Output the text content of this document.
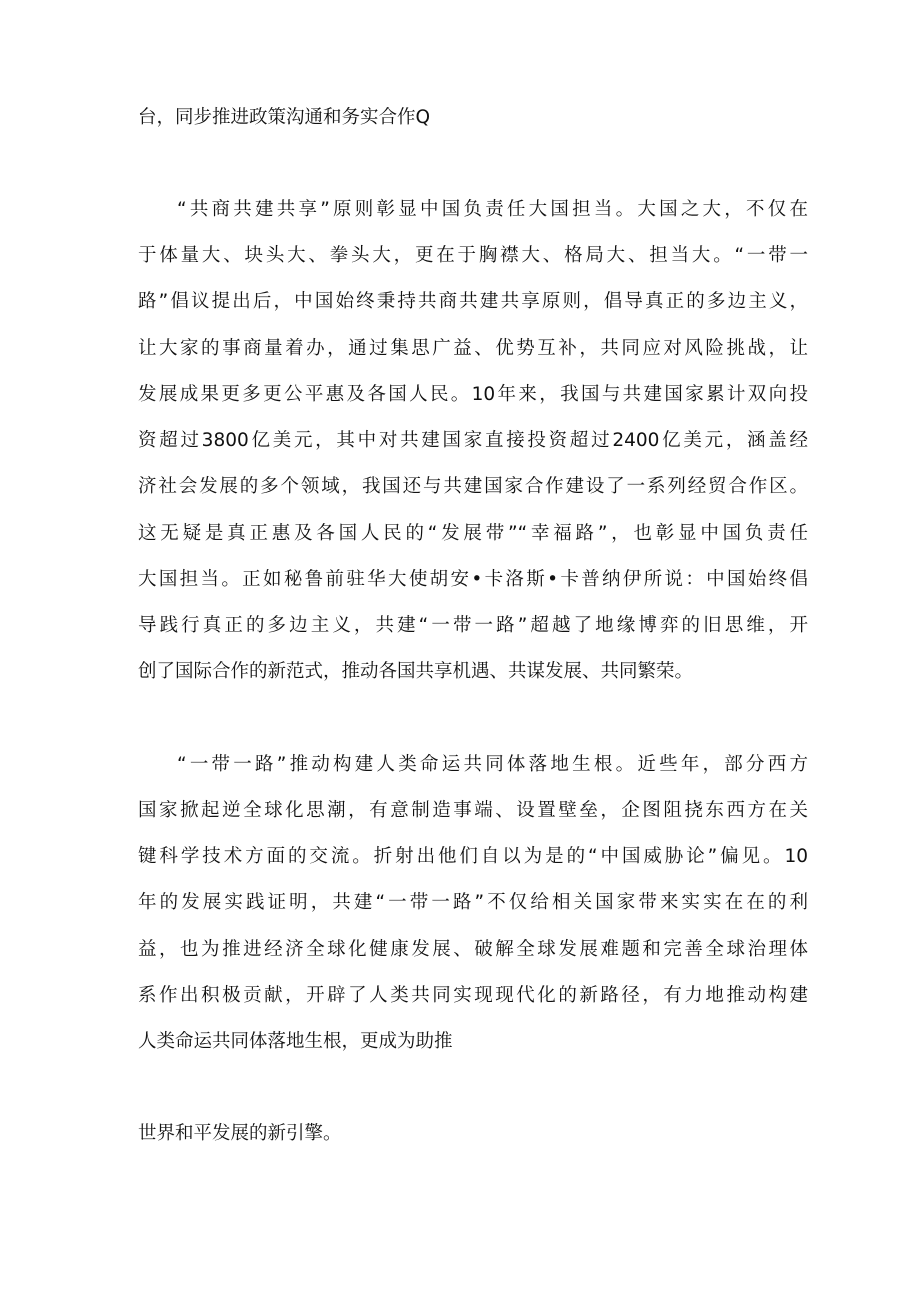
台，同步推进政策沟通和务实合作Q
“共商共建共享”原则彰显中国负责任大国担当。大国之大，不仅在
于体量大、块头大、拳头大，更在于胸襟大、格局大、担当大。“一带一
路”倡议提出后，中国始终秉持共商共建共享原则，倡导真正的多边主义，
让大家的事商量着办，通过集思广益、优势互补，共同应对风险挑战，让
发展成果更多更公平惠及各国人民。10年来，我国与共建国家累计双向投
资超过3800亿美元，其中对共建国家直接投资超过2400亿美元，涵盖经
济社会发展的多个领域，我国还与共建国家合作建设了一系列经贸合作区。
这无疑是真正惠及各国人民的“发展带”“幸福路”，也彰显中国负责任
大国担当。正如秘鲁前驻华大使胡安•卡洛斯•卡普纳伊所说：中国始终倡
导践行真正的多边主义，共建“一带一路”超越了地缘博弈的旧思维，开
创了国际合作的新范式，推动各国共享机遇、共谋发展、共同繁荣。
“一带一路”推动构建人类命运共同体落地生根。近些年，部分西方
国家掀起逆全球化思潮，有意制造事端、设置壁垒，企图阻挠东西方在关
键科学技术方面的交流。折射出他们自以为是的“中国威胁论”偏见。10
年的发展实践证明，共建“一带一路”不仅给相关国家带来实实在在的利
益，也为推进经济全球化健康发展、破解全球发展难题和完善全球治理体
系作出积极贡献，开辟了人类共同实现现代化的新路径，有力地推动构建
人类命运共同体落地生根，更成为助推
世界和平发展的新引擎。
